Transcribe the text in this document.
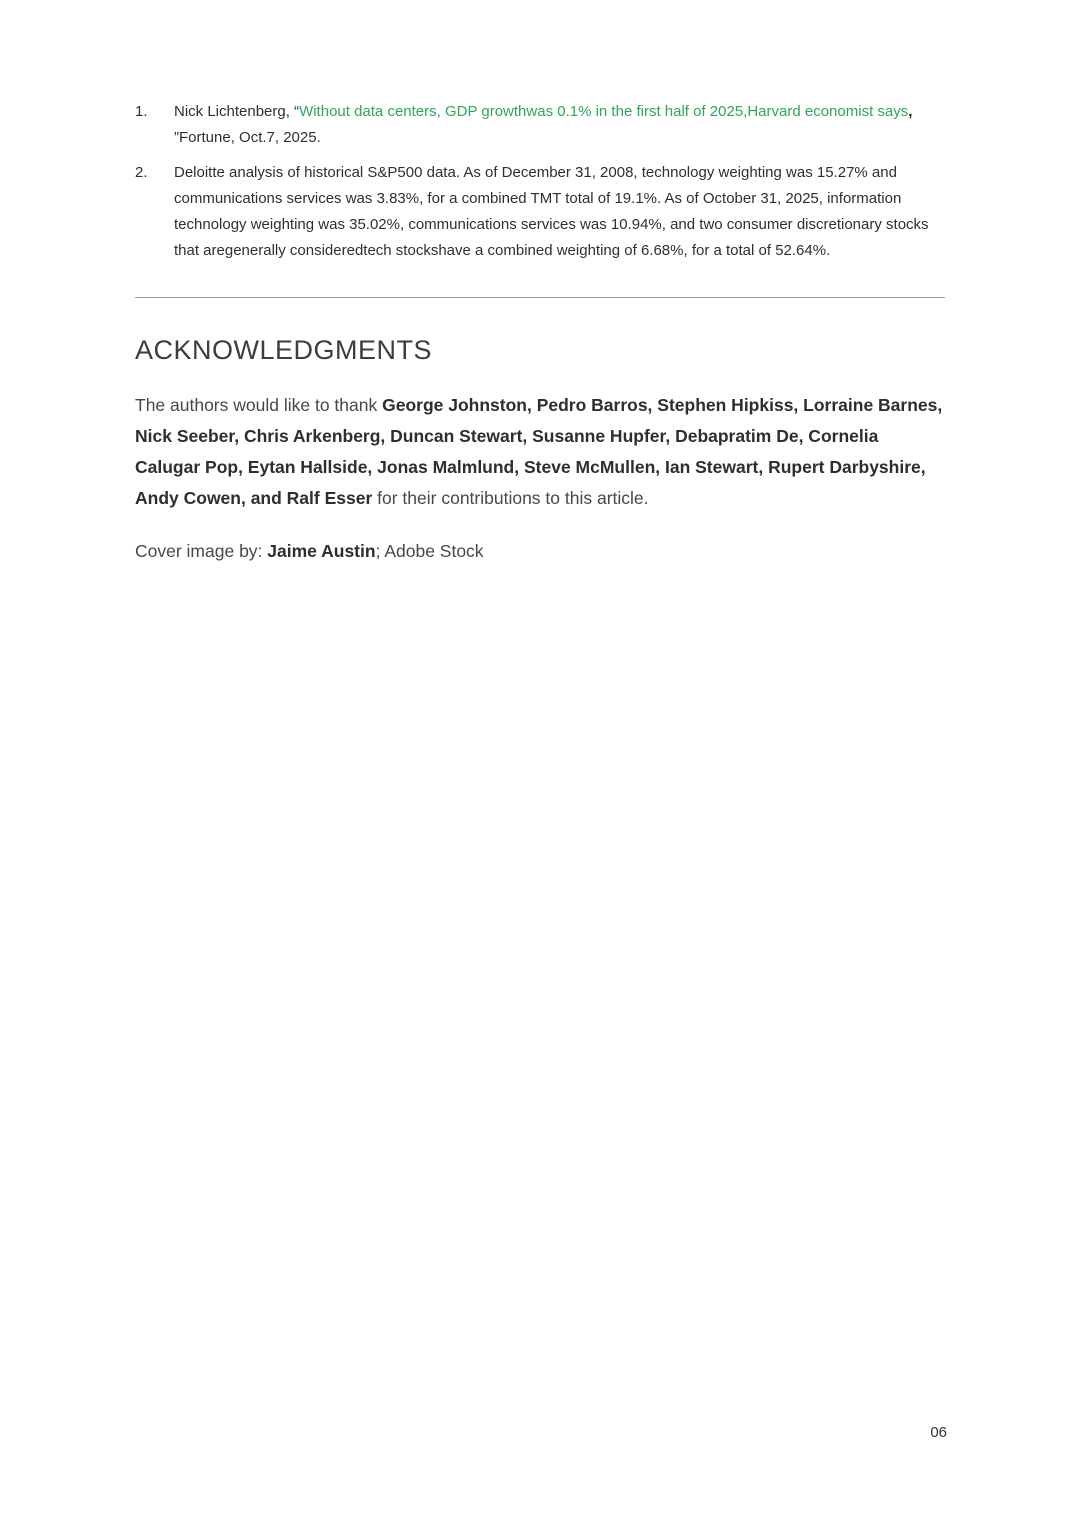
1.	Nick Lichtenberg, “Without data centers, GDP growthwas 0.1% in the first half of 2025,Harvard economist says, ”Fortune, Oct.7, 2025.
2.	Deloitte analysis of historical S&P500 data. As of December 31, 2008, technology weighting was 15.27% and communications services was 3.83%, for a combined TMT total of 19.1%. As of October 31, 2025, information technology weighting was 35.02%, communications services was 10.94%, and two consumer discretionary stocks that aregenerally consideredtech stockshave a combined weighting of 6.68%, for a total of 52.64%.
ACKNOWLEDGMENTS

The authors would like to thank George Johnston, Pedro Barros, Stephen Hipkiss, Lorraine Barnes, Nick Seeber, Chris Arkenberg, Duncan Stewart, Susanne Hupfer, Debapratim De, Cornelia Calugar Pop, Eytan Hallside, Jonas Malmlund, Steve McMullen, Ian Stewart, Rupert Darbyshire, Andy Cowen, and Ralf Esser for their contributions to this article.

Cover image by: Jaime Austin; Adobe Stock

06
